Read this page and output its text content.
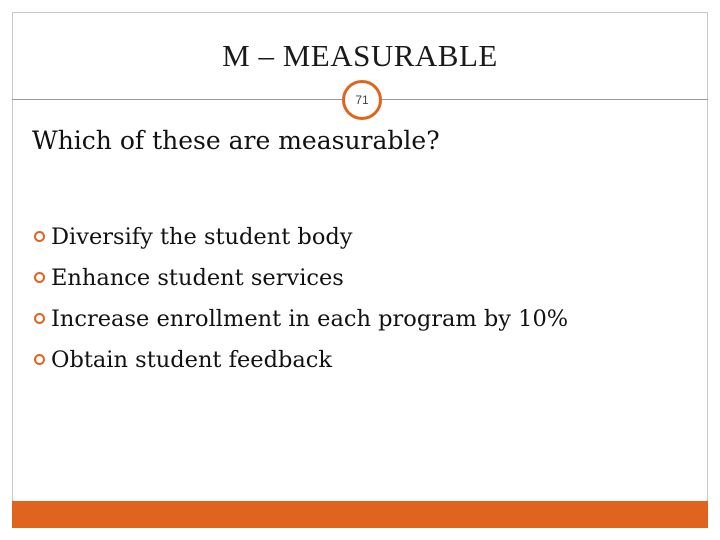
M – MEASURABLE
71
Which of these are measurable?
Diversify the student body
Enhance student services
Increase enrollment in each program by 10%
Obtain student feedback
